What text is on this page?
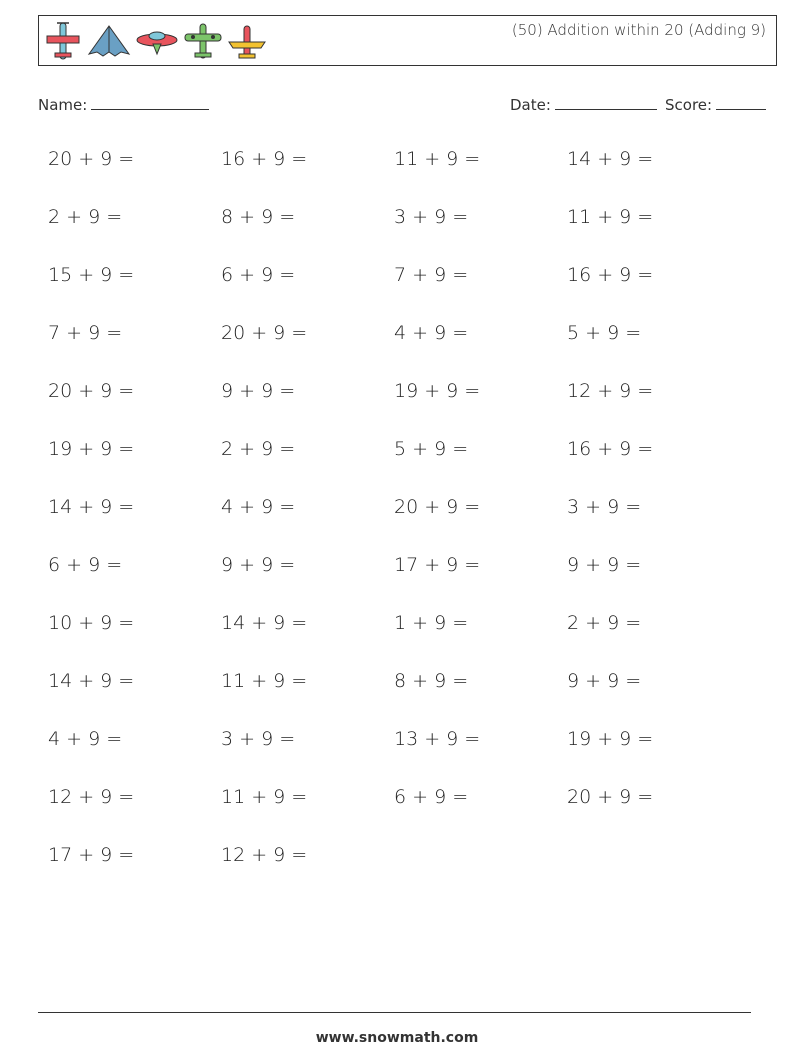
(50) Addition within 20 (Adding 9)
Name:	Date:	Score:
20 + 9 =	16 + 9 =	11 + 9 =	14 + 9 =
2 + 9 =	8 + 9 =	3 + 9 =	11 + 9 =
15 + 9 =	6 + 9 =	7 + 9 =	16 + 9 =
7 + 9 =	20 + 9 =	4 + 9 =	5 + 9 =
20 + 9 =	9 + 9 =	19 + 9 =	12 + 9 =
19 + 9 =	2 + 9 =	5 + 9 =	16 + 9 =
14 + 9 =	4 + 9 =	20 + 9 =	3 + 9 =
6 + 9 =	9 + 9 =	17 + 9 =	9 + 9 =
10 + 9 =	14 + 9 =	1 + 9 =	2 + 9 =
14 + 9 =	11 + 9 =	8 + 9 =	9 + 9 =
4 + 9 =	3 + 9 =	13 + 9 =	19 + 9 =
12 + 9 =	11 + 9 =	6 + 9 =	20 + 9 =
17 + 9 =	12 + 9 =
www.snowmath.com
